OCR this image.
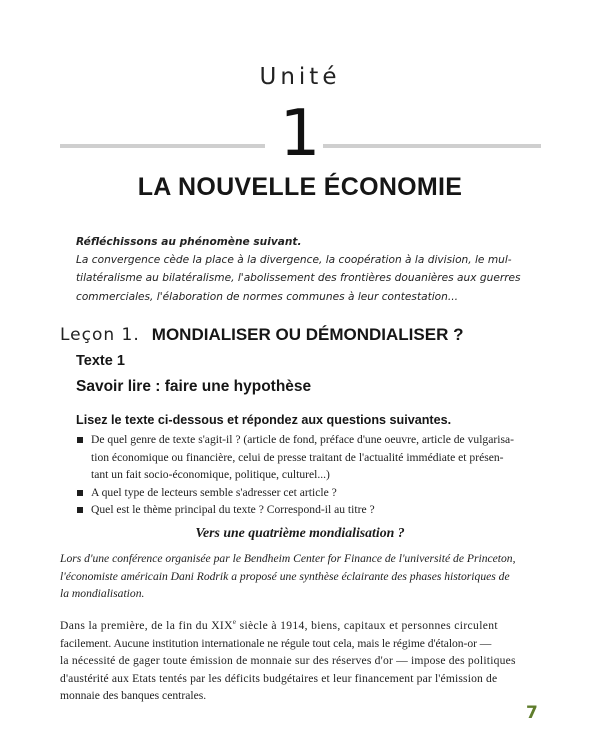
Unité
1
LA NOUVELLE ÉCONOMIE
Réfléchissons au phénomène suivant.
La convergence cède la place à la divergence, la coopération à la division, le mul-
tilatéralisme au bilatéralisme, l'abolissement des frontières douanières aux guerres
commerciales, l'élaboration de normes communes à leur contestation...
Leçon 1. MONDIALISER OU DÉMONDIALISER ?
Texte 1
Savoir lire : faire une hypothèse
Lisez le texte ci-dessous et répondez aux questions suivantes.
De quel genre de texte s'agit-il ? (article de fond, préface d'une oeuvre, article de vulgarisa-
tion économique ou financière, celui de presse traitant de l'actualité immédiate et présen-
tant un fait socio-économique, politique, culturel...)
A quel type de lecteurs semble s'adresser cet article ?
Quel est le thème principal du texte ? Correspond-il au titre ?
Vers une quatrième mondialisation ?
Lors d'une conférence organisée par le Bendheim Center for Finance de l'université de Princeton,
l'économiste américain Dani Rodrik a proposé une synthèse éclairante des phases historiques de
la mondialisation.
Dans la première, de la fin du XIXe siècle à 1914, biens, capitaux et personnes circulent
facilement. Aucune institution internationale ne régule tout cela, mais le régime d'étalon-or —
la nécessité de gager toute émission de monnaie sur des réserves d'or — impose des politiques
d'austérité aux Etats tentés par les déficits budgétaires et leur financement par l'émission de
monnaie des banques centrales.
7
